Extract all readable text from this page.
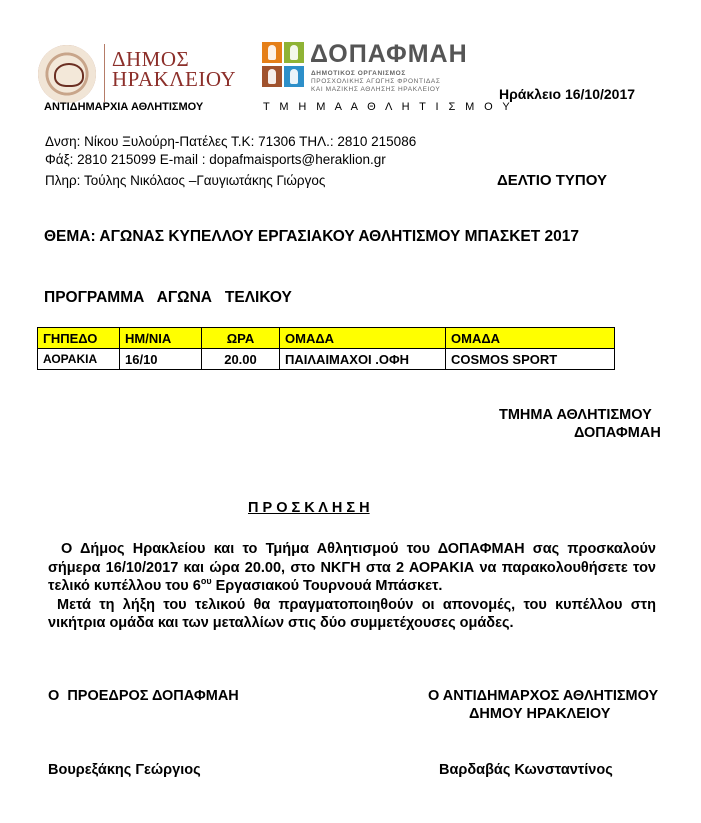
ΔΗΜΟΣ
ΗΡΑΚΛΕΙΟΥ
ΑΝΤΙΔΗΜΑΡΧΙΑ ΑΘΛΗΤΙΣΜΟΥ
ΔΟΠΑΦΜΑΗ
ΔΗΜΟΤΙΚΟΣ ΟΡΓΑΝΙΣΜΟΣ
ΠΡΟΣΧΟΛΙΚΗΣ ΑΓΩΓΗΣ ΦΡΟΝΤΙΔΑΣ
ΚΑΙ ΜΑΖΙΚΗΣ ΑΘΛΗΣΗΣ ΗΡΑΚΛΕΙΟΥ
Τ Μ Η Μ Α Α Θ Λ Η Τ Ι Σ Μ Ο Υ
Ηράκλειο 16/10/2017
Δνση: Νίκου Ξυλούρη-Πατέλες Τ.Κ: 71306 ΤΗΛ.: 2810 215086
Φάξ: 2810 215099 E-mail : dopafmaisports@heraklion.gr
Πληρ: Τούλης Νικόλαος –Γαυγιωτάκης Γιώργος	ΔΕΛΤΙΟ ΤΥΠΟΥ
ΘΕΜΑ: ΑΓΩΝΑΣ ΚΥΠΕΛΛΟΥ ΕΡΓΑΣΙΑΚΟΥ ΑΘΛΗΤΙΣΜΟΥ ΜΠΑΣΚΕΤ 2017
ΠΡΟΓΡΑΜΜΑ   ΑΓΩΝΑ   ΤΕΛΙΚΟΥ
ΓΗΠΕΔΟ	ΗΜ/ΝΙΑ	ΩΡΑ	ΟΜΑΔΑ	ΟΜΑΔΑ
ΑΟΡΑΚΙΑ	16/10	20.00	ΠΑΙΛΑΙΜΑΧΟΙ .ΟΦΗ	COSMOS SPORT
ΤΜΗΜΑ ΑΘΛΗΤΙΣΜΟΥ
ΔΟΠΑΦΜΑΗ
Π Ρ Ο Σ Κ Λ Η Σ Η

Ο Δήμος Ηρακλείου και το Τμήμα Αθλητισμού του ΔΟΠΑΦΜΑΗ σας προσκαλούν σήμερα 16/10/2017 και ώρα 20.00, στο ΝΚΓΗ στα 2 ΑΟΡΑΚΙΑ να παρακολουθήσετε τον τελικό κυπέλλου του $6^{o\upsilon}$ Εργασιακού Τουρνουά Μπάσκετ.

Μετά τη λήξη του τελικού θα πραγματοποιηθούν οι απονομές, του κυπέλλου στη νικήτρια ομάδα και των μεταλλίων στις δύο συμμετέχουσες ομάδες.

Ο  ΠΡΟΕΔΡΟΣ ΔΟΠΑΦΜΑΗ	Ο ΑΝΤΙΔΗΜΑΡΧΟΣ ΑΘΛΗΤΙΣΜΟΥ
ΔΗΜΟΥ ΗΡΑΚΛΕΙΟΥ
Βουρεξάκης Γεώργιος	Βαρδαβάς Κωνσταντίνος
